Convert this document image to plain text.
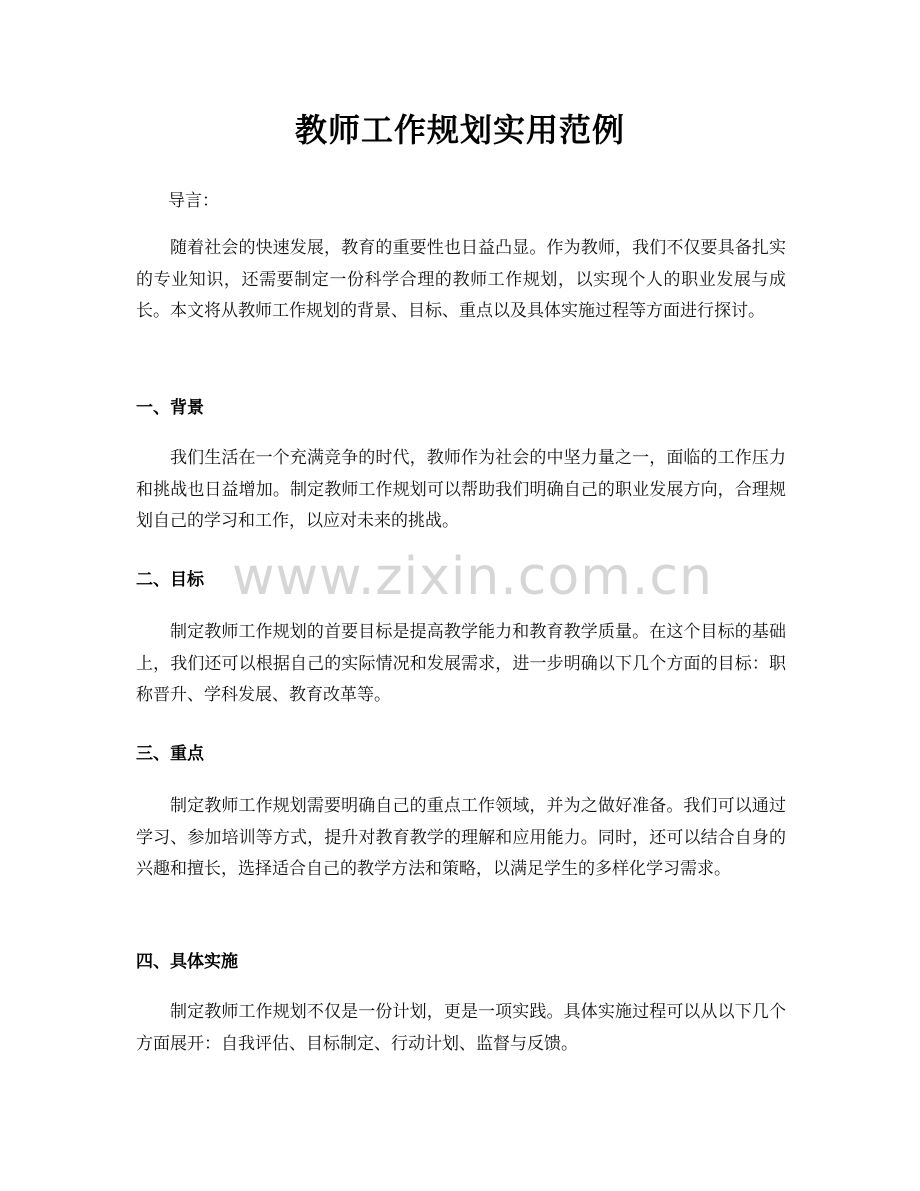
www.zixin.com.cn
教师工作规划实用范例
导言：

随着社会的快速发展，教育的重要性也日益凸显。作为教师，我们不仅要具备扎实的专业知识，还需要制定一份科学合理的教师工作规划，以实现个人的职业发展与成长。本文将从教师工作规划的背景、目标、重点以及具体实施过程等方面进行探讨。

一、背景

我们生活在一个充满竞争的时代，教师作为社会的中坚力量之一，面临的工作压力和挑战也日益增加。制定教师工作规划可以帮助我们明确自己的职业发展方向，合理规划自己的学习和工作，以应对未来的挑战。

二、目标

制定教师工作规划的首要目标是提高教学能力和教育教学质量。在这个目标的基础上，我们还可以根据自己的实际情况和发展需求，进一步明确以下几个方面的目标：职称晋升、学科发展、教育改革等。

三、重点

制定教师工作规划需要明确自己的重点工作领域，并为之做好准备。我们可以通过学习、参加培训等方式，提升对教育教学的理解和应用能力。同时，还可以结合自身的兴趣和擅长，选择适合自己的教学方法和策略，以满足学生的多样化学习需求。

四、具体实施

制定教师工作规划不仅是一份计划，更是一项实践。具体实施过程可以从以下几个方面展开：自我评估、目标制定、行动计划、监督与反馈。
